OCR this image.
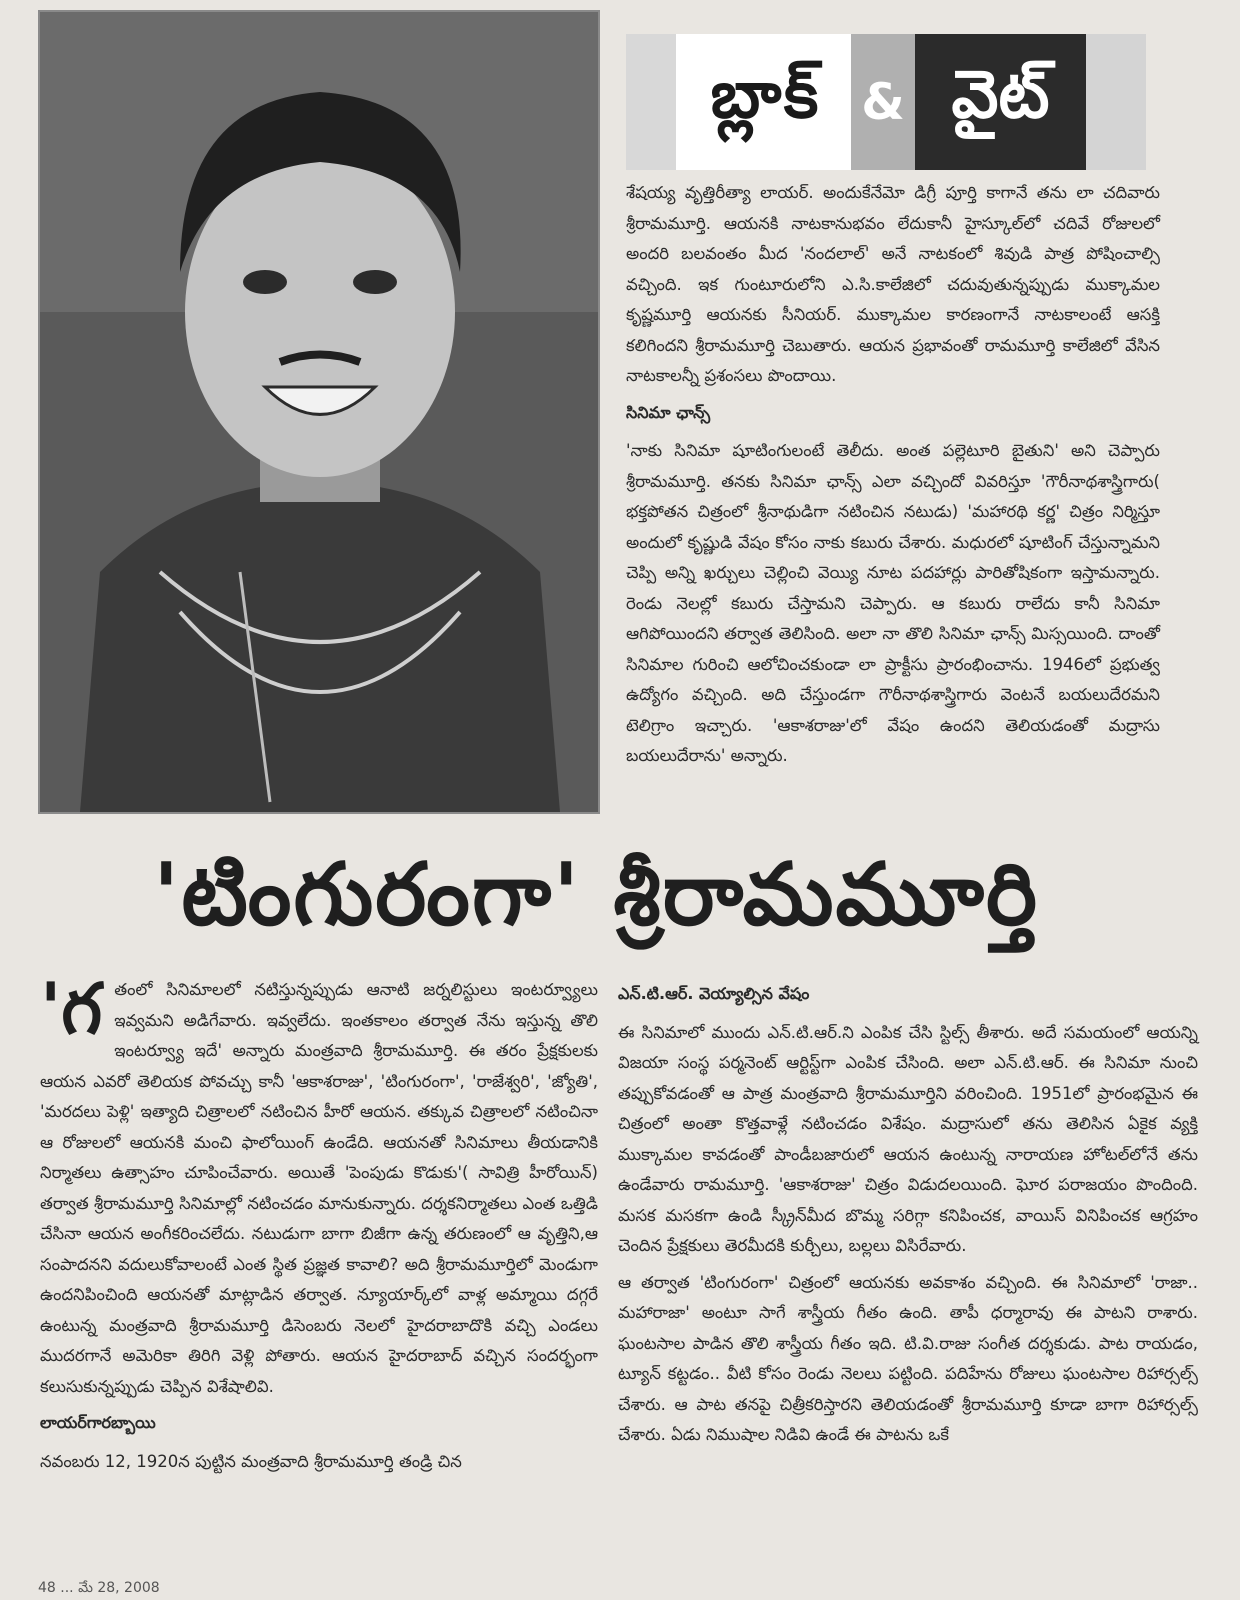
బ్లాక్ & వైట్

శేషయ్య వృత్తిరీత్యా లాయర్. అందుకేనేమో డిగ్రీ పూర్తి కాగానే తను లా చదివారు శ్రీరామమూర్తి. ఆయనకి నాటకానుభవం లేదుకానీ హైస్కూల్‌లో చదివే రోజులలో అందరి బలవంతం మీద 'నందలాల్' అనే నాటకంలో శివుడి పాత్ర పోషించాల్సి వచ్చింది. ఇక గుంటూరులోని ఎ.సి.కాలేజిలో చదువుతున్నప్పుడు ముక్కామల కృష్ణమూర్తి ఆయనకు సీనియర్. ముక్కామల కారణంగానే నాటకాలంటే ఆసక్తి కలిగిందని శ్రీరామమూర్తి చెబుతారు. ఆయన ప్రభావంతో రామమూర్తి కాలేజిలో వేసిన నాటకాలన్నీ ప్రశంసలు పొందాయి.

సినిమా ఛాన్స్

'నాకు సినిమా షూటింగులంటే తెలీదు. అంత పల్లెటూరి బైతుని' అని చెప్పారు శ్రీరామమూర్తి. తనకు సినిమా ఛాన్స్ ఎలా వచ్చిందో వివరిస్తూ 'గౌరీనాథశాస్త్రిగారు( భక్తపోతన చిత్రంలో శ్రీనాథుడిగా నటించిన నటుడు) 'మహారథి కర్ణ' చిత్రం నిర్మిస్తూ అందులో కృష్ణుడి వేషం కోసం నాకు కబురు చేశారు. మధురలో షూటింగ్ చేస్తున్నామని చెప్పి అన్ని ఖర్చులు చెల్లించి వెయ్యి నూట పదహార్లు పారితోషికంగా ఇస్తామన్నారు. రెండు నెలల్లో కబురు చేస్తామని చెప్పారు. ఆ కబురు రాలేదు కానీ సినిమా ఆగిపోయిందని తర్వాత తెలిసింది. అలా నా తొలి సినిమా ఛాన్స్ మిస్సయింది. దాంతో సినిమాల గురించి ఆలోచించకుండా లా ప్రాక్టీసు ప్రారంభించాను. 1946లో ప్రభుత్వ ఉద్యోగం వచ్చింది. అది చేస్తుండగా గౌరీనాథశాస్త్రిగారు వెంటనే బయలుదేరమని టెలిగ్రాం ఇచ్చారు. 'ఆకాశరాజు'లో వేషం ఉందని తెలియడంతో మద్రాసు బయలుదేరాను' అన్నారు.

'టింగురంగా' శ్రీరామమూర్తి
'గ తంలో సినిమాలలో నటిస్తున్నప్పుడు ఆనాటి జర్నలిస్టులు ఇంటర్వ్యూలు ఇవ్వమని అడిగేవారు. ఇవ్వలేదు. ఇంతకాలం తర్వాత నేను ఇస్తున్న తొలి ఇంటర్వ్యూ ఇదే' అన్నారు మంత్రవాది శ్రీరామమూర్తి. ఈ తరం ప్రేక్షకులకు ఆయన ఎవరో తెలియక పోవచ్చు కానీ 'ఆకాశరాజు', 'టింగురంగా', 'రాజేశ్వరి', 'జ్యోతి', 'మరదలు పెళ్లి' ఇత్యాది చిత్రాలలో నటించిన హీరో ఆయన. తక్కువ చిత్రాలలో నటించినా ఆ రోజులలో ఆయనకి మంచి ఫాలోయింగ్ ఉండేది. ఆయనతో సినిమాలు తీయడానికి నిర్మాతలు ఉత్సాహం చూపించేవారు. అయితే 'పెంపుడు కొడుకు'( సావిత్రి హీరోయిన్) తర్వాత శ్రీరామమూర్తి సినిమాల్లో నటించడం మానుకున్నారు. దర్శకనిర్మాతలు ఎంత ఒత్తిడి చేసినా ఆయన అంగీకరించలేదు. నటుడుగా బాగా బిజీగా ఉన్న తరుణంలో ఆ వృత్తిని,ఆ సంపాదనని వదులుకోవాలంటే ఎంత స్థిత ప్రజ్ఞత కావాలి? అది శ్రీరామమూర్తిలో మెండుగా ఉందనిపించింది ఆయనతో మాట్లాడిన తర్వాత. న్యూయార్క్‌లో వాళ్ల అమ్మాయి దగ్గరే ఉంటున్న మంత్రవాది శ్రీరామమూర్తి డిసెంబరు నెలలో హైదరాబాదొకి వచ్చి ఎండలు ముదరగానే అమెరికా తిరిగి వెళ్లి పోతారు. ఆయన హైదరాబాద్ వచ్చిన సందర్భంగా కలుసుకున్నప్పుడు చెప్పిన విశేషాలివి.

లాయర్‌గారబ్బాయి

నవంబరు 12, 1920న పుట్టిన మంత్రవాది శ్రీరామమూర్తి తండ్రి చిన

ఎన్.టి.ఆర్. వెయ్యాల్సిన వేషం

ఈ సినిమాలో ముందు ఎన్.టి.ఆర్.ని ఎంపిక చేసి స్టిల్స్ తీశారు. అదే సమయంలో ఆయన్ని విజయా సంస్థ పర్మనెంట్ ఆర్టిస్ట్‌గా ఎంపిక చేసింది. అలా ఎన్.టి.ఆర్. ఈ సినిమా నుంచి తప్పుకోవడంతో ఆ పాత్ర మంత్రవాది శ్రీరామమూర్తిని వరించింది. 1951లో ప్రారంభమైన ఈ చిత్రంలో అంతా కొత్తవాళ్లే నటించడం విశేషం. మద్రాసులో తను తెలిసిన ఏకైక వ్యక్తి ముక్కామల కావడంతో పాండీబజారులో ఆయన ఉంటున్న నారాయణ హోటల్‌లోనే తను ఉండేవారు రామమూర్తి. 'ఆకాశరాజు' చిత్రం విడుదలయింది. ఘోర పరాజయం పొందింది. మసక మసకగా ఉండి స్క్రీన్‌మీద బొమ్మ సరిగ్గా కనిపించక, వాయిస్ వినిపించక ఆగ్రహం చెందిన ప్రేక్షకులు తెరమీదకి కుర్చీలు, బల్లలు విసిరేవారు.

ఆ తర్వాత 'టింగురంగా' చిత్రంలో ఆయనకు అవకాశం వచ్చింది. ఈ సినిమాలో 'రాజా.. మహారాజా' అంటూ సాగే శాస్త్రీయ గీతం ఉంది. తాపీ ధర్మారావు ఈ పాటని రాశారు. ఘంటసాల పాడిన తొలి శాస్త్రీయ గీతం ఇది. టి.వి.రాజు సంగీత దర్శకుడు. పాట రాయడం, ట్యూన్ కట్టడం.. వీటి కోసం రెండు నెలలు పట్టింది. పదిహేను రోజులు ఘంటసాల రిహార్సల్స్ చేశారు. ఆ పాట తనపై చిత్రీకరిస్తారని తెలియడంతో శ్రీరామమూర్తి కూడా బాగా రిహార్సల్స్ చేశారు. ఏడు నిముషాల నిడివి ఉండే ఈ పాటను ఒకే

48 ... మే 28, 2008
